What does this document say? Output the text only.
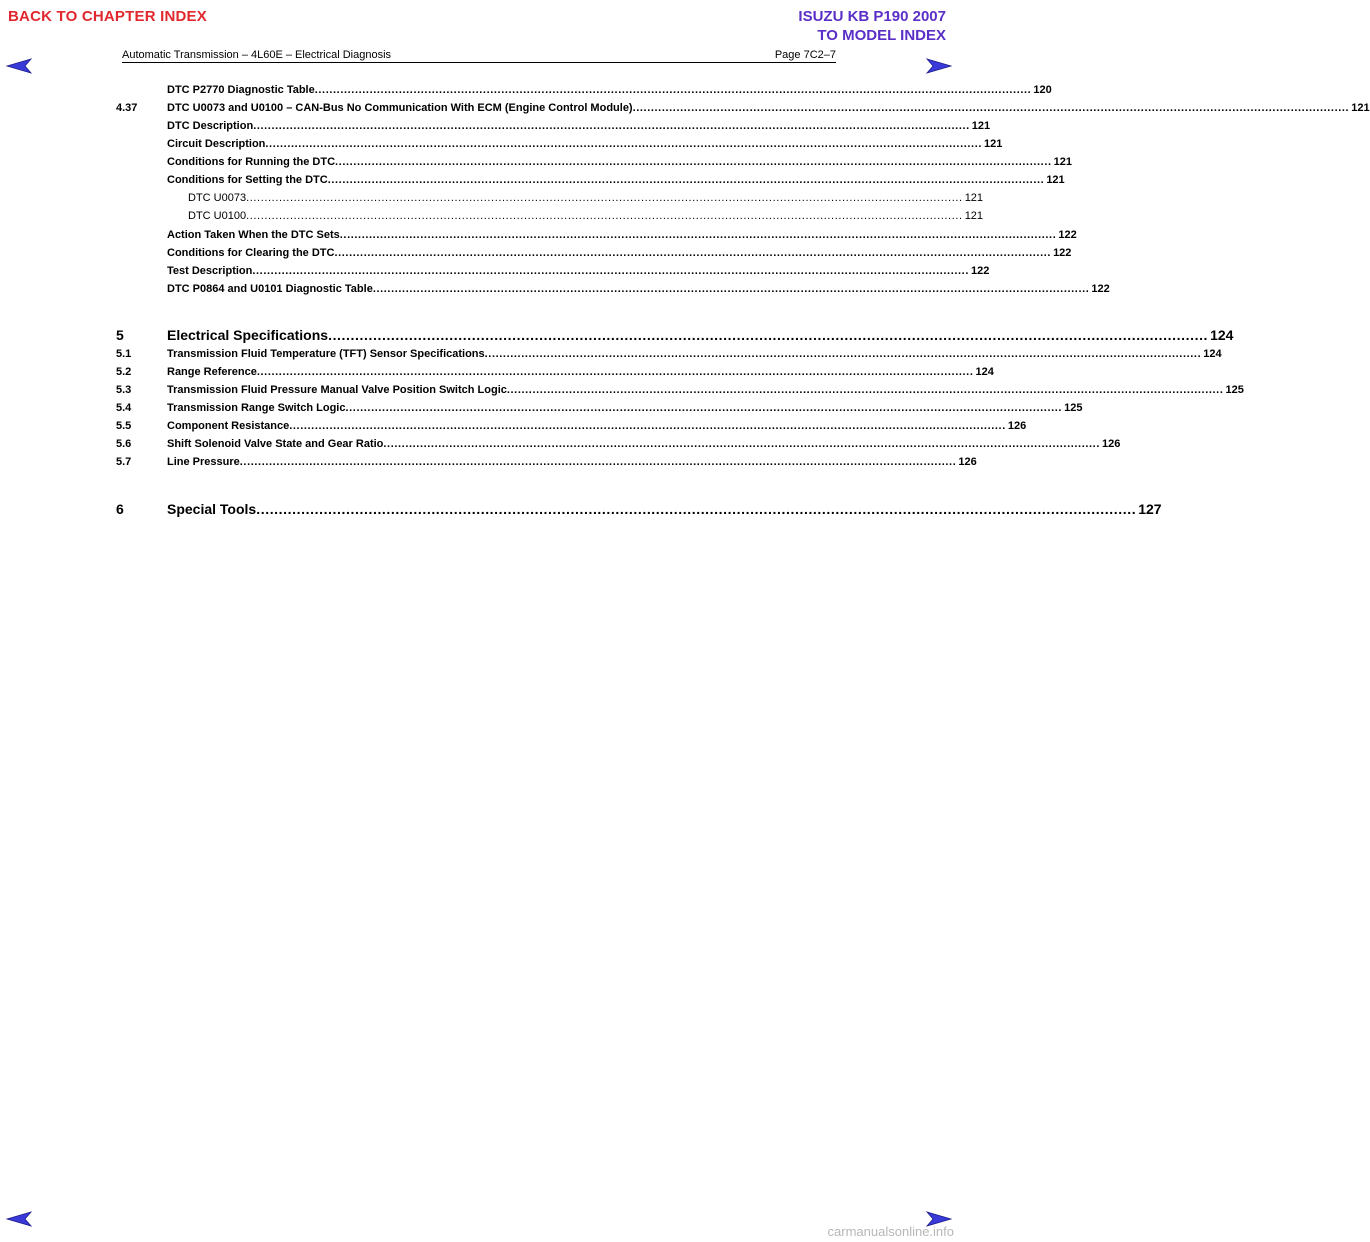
BACK TO CHAPTER INDEX	ISUZU KB P190 2007
TO MODEL INDEX
Automatic Transmission – 4L60E – Electrical Diagnosis	Page 7C2–7
DTC P2770 Diagnostic Table .................................................................................................................................................................................................... 120
4.37	DTC U0073 and U0100 – CAN-Bus No Communication With ECM (Engine Control Module) .................................................................................................................................................................................................... 121
DTC Description .................................................................................................................................................................................................... 121
Circuit Description .................................................................................................................................................................................................... 121
Conditions for Running the DTC .................................................................................................................................................................................................... 121
Conditions for Setting the DTC .................................................................................................................................................................................................... 121
DTC U0073 .................................................................................................................................................................................................... 121
DTC U0100 .................................................................................................................................................................................................... 121
Action Taken When the DTC Sets .................................................................................................................................................................................................... 122
Conditions for Clearing the DTC .................................................................................................................................................................................................... 122
Test Description .................................................................................................................................................................................................... 122
DTC P0864 and U0101 Diagnostic Table .................................................................................................................................................................................................... 122
5	Electrical Specifications .................................................................................................................................................................................................... 124
5.1	Transmission Fluid Temperature (TFT) Sensor Specifications .................................................................................................................................................................................................... 124
5.2	Range Reference .................................................................................................................................................................................................... 124
5.3	Transmission Fluid Pressure Manual Valve Position Switch Logic .................................................................................................................................................................................................... 125
5.4	Transmission Range Switch Logic .................................................................................................................................................................................................... 125
5.5	Component Resistance .................................................................................................................................................................................................... 126
5.6	Shift Solenoid Valve State and Gear Ratio .................................................................................................................................................................................................... 126
5.7	Line Pressure .................................................................................................................................................................................................... 126
6	Special Tools .................................................................................................................................................................................................... 127
carmanualsonline.info
